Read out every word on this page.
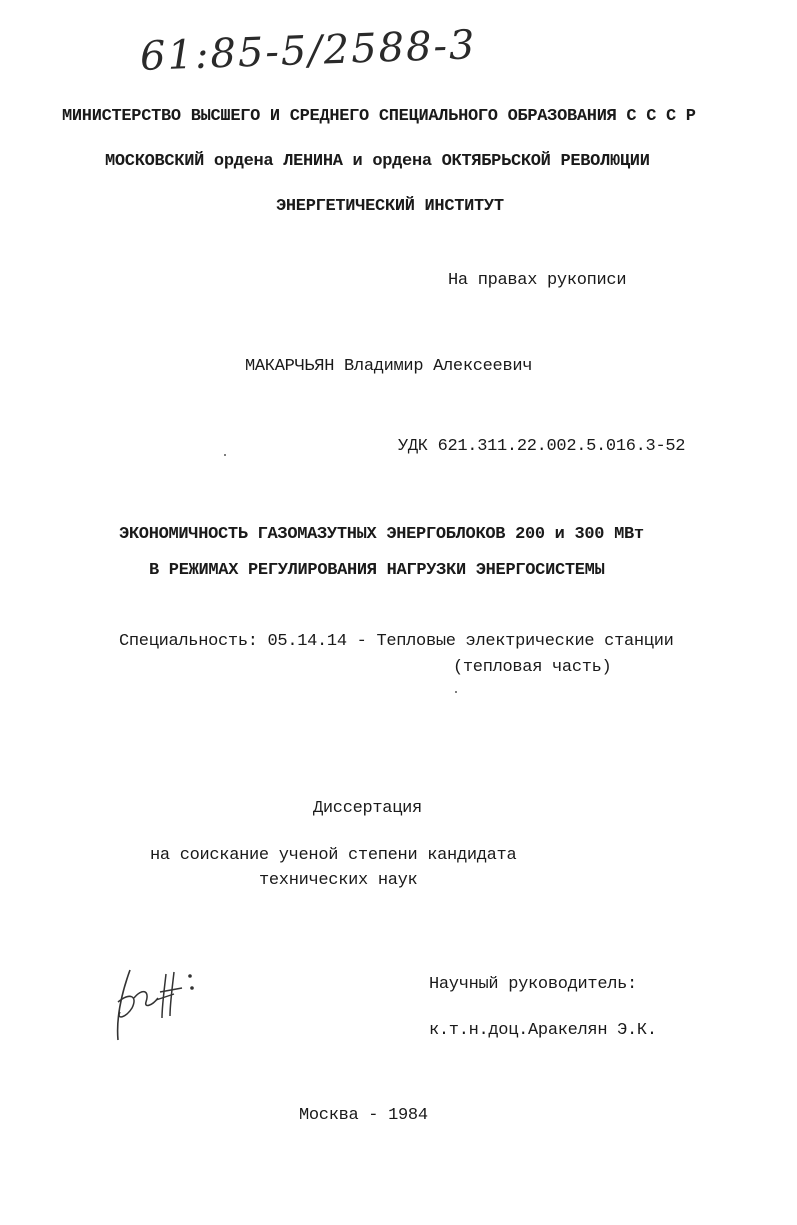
61:85-5/2588-3
МИНИСТЕРСТВО ВЫСШЕГО И СРЕДНЕГО СПЕЦИАЛЬНОГО ОБРАЗОВАНИЯ С С С Р
МОСКОВСКИЙ ордена ЛЕНИНА и ордена ОКТЯБРЬСКОЙ РЕВОЛЮЦИИ
ЭНЕРГЕТИЧЕСКИЙ ИНСТИТУТ
На правах рукописи
МАКАРЧЬЯН Владимир Алексеевич
УДК 621.311.22.002.5.016.3-52
ЭКОНОМИЧНОСТЬ ГАЗОМАЗУТНЫХ ЭНЕРГОБЛОКОВ 200 и 300 МВт
В РЕЖИМАХ РЕГУЛИРОВАНИЯ НАГРУЗКИ ЭНЕРГОСИСТЕМЫ
Специальность: 05.14.14 - Тепловые электрические станции
(тепловая часть)
Диссертация
на соискание ученой степени кандидата
технических наук
Научный руководитель:
к.т.н.доц.Аракелян Э.К.
Москва - 1984
